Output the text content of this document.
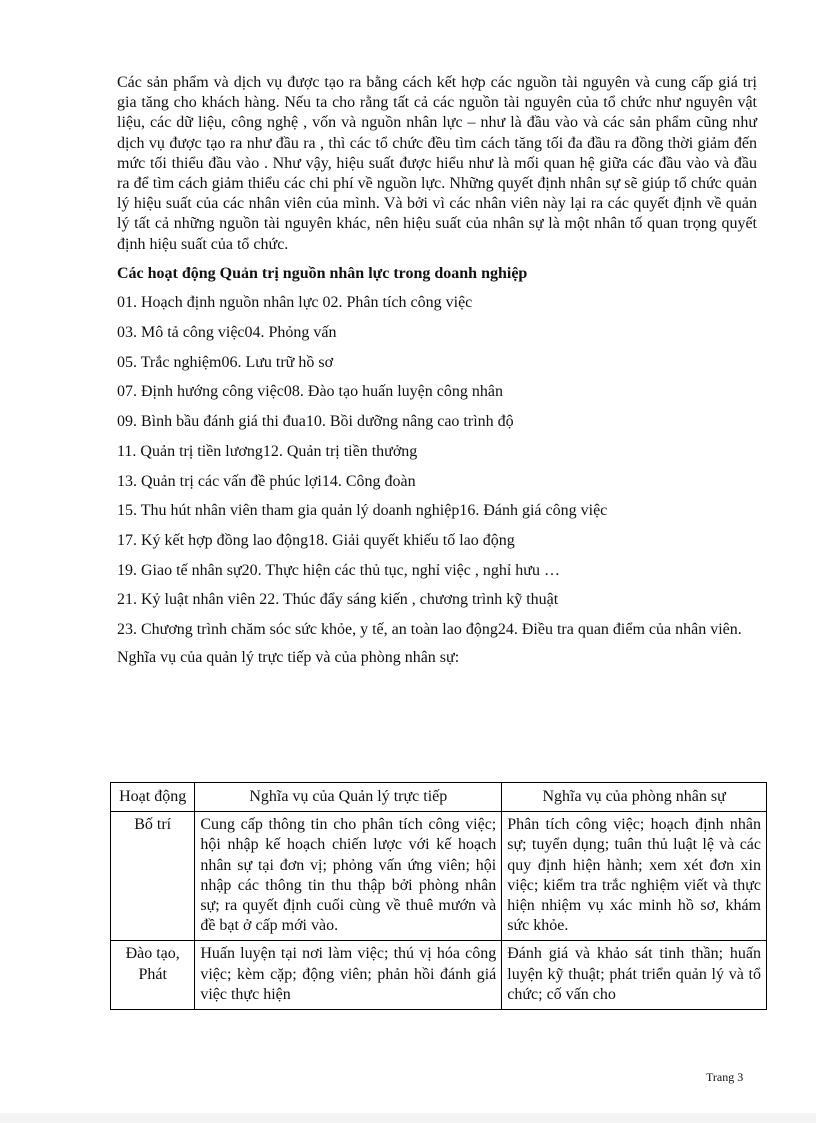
Các sản phẩm và dịch vụ được tạo ra bằng cách kết hợp các nguồn tài nguyên và cung cấp giá trị gia tăng cho khách hàng. Nếu ta cho rằng tất cả các nguồn tài nguyên của tổ chức như nguyên vật liệu, các dữ liệu, công nghệ , vốn và nguồn nhân lực – như là đầu vào và các sản phẩm cũng như dịch vụ được tạo ra như đầu ra , thì các tổ chức đều tìm cách tăng tối đa đầu ra đồng thời giảm đến mức tối thiểu đầu vào . Như vậy, hiệu suất được hiểu như là mối quan hệ giữa các đầu vào và đầu ra để tìm cách giảm thiểu các chi phí về nguồn lực. Những quyết định nhân sự sẽ giúp tổ chức quản lý hiệu suất của các nhân viên của mình. Và bởi vì các nhân viên này lại ra các quyết định về quản lý tất cả những nguồn tài nguyên khác, nên hiệu suất của nhân sự là một nhân tố quan trọng quyết định hiệu suất của tổ chức.

Các hoạt động Quản trị nguồn nhân lực trong doanh nghiệp

01. Hoạch định nguồn nhân lực 02. Phân tích công việc
03. Mô tả công việc04. Phỏng vấn
05. Trắc nghiệm06. Lưu trữ hồ sơ
07. Định hướng công việc08. Đào tạo huấn luyện công nhân
09. Bình bầu đánh giá thi đua10. Bồi dưỡng nâng cao trình độ
11. Quản trị tiền lương12. Quản trị tiền thưởng
13. Quản trị các vấn đề phúc lợi14. Công đoàn
15. Thu hút nhân viên tham gia quản lý doanh nghiệp16. Đánh giá công việc
17. Ký kết hợp đồng lao động18. Giải quyết khiếu tố lao động
19. Giao tế nhân sự20. Thực hiện các thủ tục, nghỉ việc , nghỉ hưu …
21. Kỷ luật nhân viên 22. Thúc đẩy sáng kiến , chương trình kỹ thuật
23. Chương trình chăm sóc sức khỏe, y tế, an toàn lao động24. Điều tra quan điểm của nhân viên.

Nghĩa vụ của quản lý trực tiếp và của phòng nhân sự:

Hoạt động	Nghĩa vụ của Quản lý trực tiếp	Nghĩa vụ của phòng nhân sự
Bố trí	Cung cấp thông tin cho phân tích công việc; hội nhập kế hoạch chiến lược với kế hoạch nhân sự tại đơn vị; phỏng vấn ứng viên; hội nhập các thông tin thu thập bởi phòng nhân sự; ra quyết định cuối cùng về thuê mướn và đề bạt ở cấp mới vào.	Phân tích công việc; hoạch định nhân sự; tuyển dụng; tuân thủ luật lệ và các quy định hiện hành; xem xét đơn xin việc; kiểm tra trắc nghiệm viết và thực hiện nhiệm vụ xác minh hồ sơ, khám sức khỏe.
Đào tạo, Phát	Huấn luyện tại nơi làm việc; thú vị hóa công việc; kèm cặp; động viên; phản hồi đánh giá việc thực hiện	Đánh giá và khảo sát tinh thần; huấn luyện kỹ thuật; phát triển quản lý và tổ chức; cố vấn cho
Trang 3
